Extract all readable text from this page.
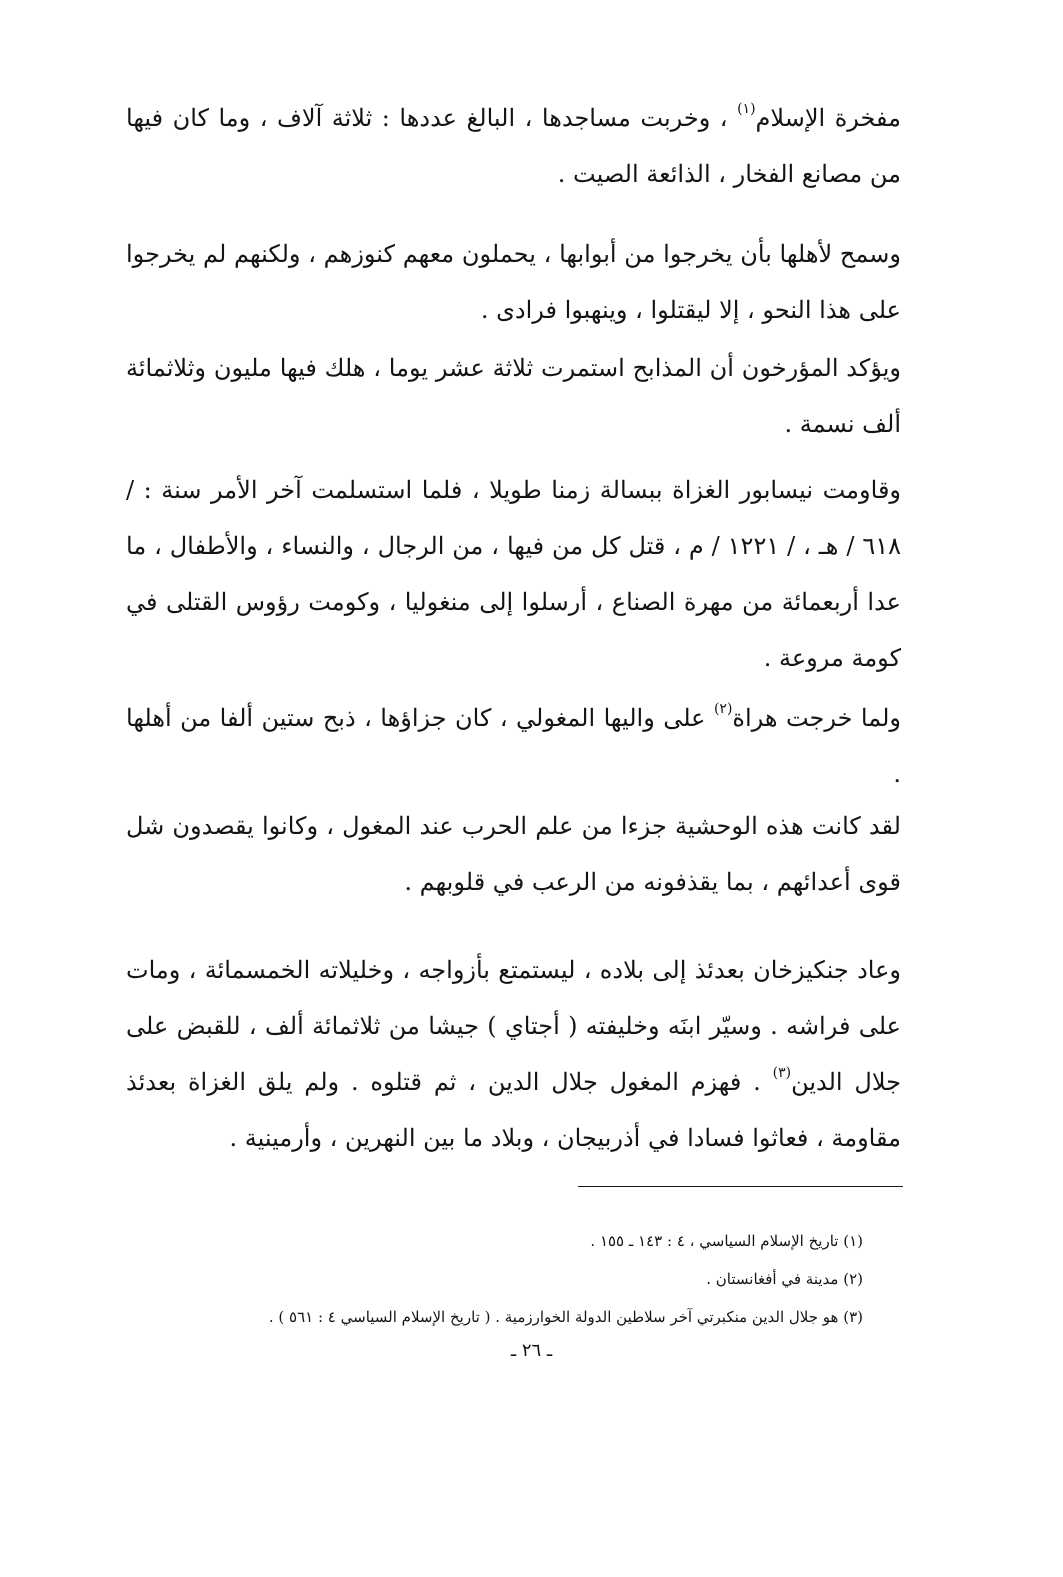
مفخرة الإسلام$^{(١)}$ ، وخربت مساجدها ، البالغ عددها : ثلاثة آلاف ، وما كان فيها من مصانع الفخار ، الذائعة الصيت .

وسمح لأهلها بأن يخرجوا من أبوابها ، يحملون معهم كنوزهم ، ولكنهم لم يخرجوا على هذا النحو ، إلا ليقتلوا ، وينهبوا فرادى .

ويؤكد المؤرخون أن المذابح استمرت ثلاثة عشر يوما ، هلك فيها مليون وثلاثمائة ألف نسمة .

وقاومت نيسابور الغزاة ببسالة زمنا طويلا ، فلما استسلمت آخر الأمر سنة : / ٦١٨ / هـ ، / ١٢٢١ / م ، قتل كل من فيها ، من الرجال ، والنساء ، والأطفال ، ما عدا أربعمائة من مهرة الصناع ، أرسلوا إلى منغوليا ، وكومت رؤوس القتلى في كومة مروعة .

ولما خرجت هراة$^{(٢)}$ على واليها المغولي ، كان جزاؤها ، ذبح ستين ألفا من أهلها .

لقد كانت هذه الوحشية جزءا من علم الحرب عند المغول ، وكانوا يقصدون شل قوى أعدائهم ، بما يقذفونه من الرعب في قلوبهم .

وعاد جنكيزخان بعدئذ إلى بلاده ، ليستمتع بأزواجه ، وخليلاته الخمسمائة ، ومات على فراشه . وسيّر ابنَه وخليفته ( أجتاي ) جيشا من ثلاثمائة ألف ، للقبض على جلال الدين$^{(٣)}$ . فهزم المغول جلال الدين ، ثم قتلوه . ولم يلق الغزاة بعدئذ مقاومة ، فعاثوا فسادا في أذربيجان ، وبلاد ما بين النهرين ، وأرمينية .

(١) تاريخ الإسلام السياسي ، ٤ : ١٤٣ ـ ١٥٥ .
(٢) مدينة في أفغانستان .
(٣) هو جلال الدين منكبرتي آخر سلاطين الدولة الخوارزمية . ( تاريخ الإسلام السياسي ٤ : ٥٦١ ) .
ـ ٢٦ ـ
